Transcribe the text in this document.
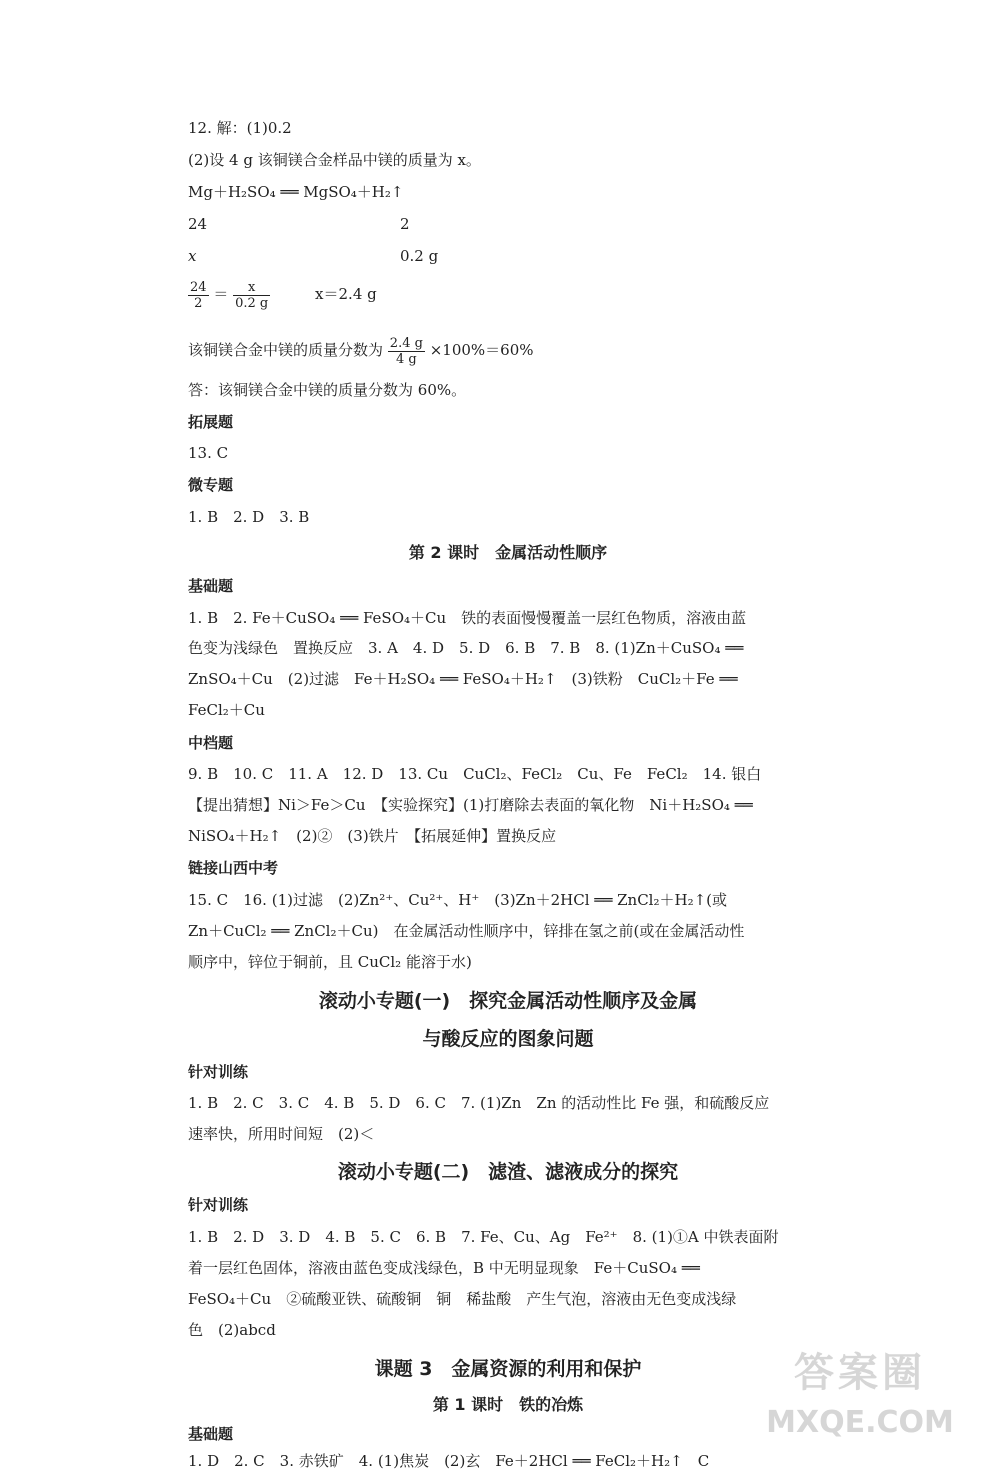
12. 解：(1)0.2
(2)设 4 g 该铜镁合金样品中镁的质量为 x。
Mg＋H₂SO₄ ══ MgSO₄＋H₂↑
24	2
x	0.2 g
$\frac{24}{2} = \frac{x}{0.2 g}$	x＝2.4 g
该铜镁合金中镁的质量分数为 $\frac{2.4 g}{4 g} \times 100\%=60\%$
答：该铜镁合金中镁的质量分数为 60%。
拓展题
13. C
微专题
1. B　2. D　3. B
第 2 课时　金属活动性顺序
基础题
1. B　2. Fe＋CuSO₄ ══ FeSO₄＋Cu　铁的表面慢慢覆盖一层红色物质，溶液由蓝
色变为浅绿色　置换反应　3. A　4. D　5. D　6. B　7. B　8. (1)Zn＋CuSO₄ ══
ZnSO₄＋Cu　(2)过滤　Fe＋H₂SO₄ ══ FeSO₄＋H₂↑　(3)铁粉　CuCl₂＋Fe ══
FeCl₂＋Cu
中档题
9. B　10. C　11. A　12. D　13. Cu　CuCl₂、FeCl₂　Cu、Fe　FeCl₂　14. 银白
【提出猜想】Ni＞Fe＞Cu　【实验探究】(1)打磨除去表面的氧化物　Ni＋H₂SO₄ ══
NiSO₄＋H₂↑　(2)②　(3)铁片　【拓展延伸】置换反应
链接山西中考
15. C　16. (1)过滤　(2)Zn²⁺、Cu²⁺、H⁺　(3)Zn＋2HCl ══ ZnCl₂＋H₂↑(或
Zn＋CuCl₂ ══ ZnCl₂＋Cu)　在金属活动性顺序中，锌排在氢之前(或在金属活动性
顺序中，锌位于铜前，且 CuCl₂ 能溶于水)
滚动小专题(一)　探究金属活动性顺序及金属
与酸反应的图象问题
针对训练
1. B　2. C　3. C　4. B　5. D　6. C　7. (1)Zn　Zn 的活动性比 Fe 强，和硫酸反应
速率快，所用时间短　(2)＜
滚动小专题(二)　滤渣、滤液成分的探究
针对训练
1. B　2. D　3. D　4. B　5. C　6. B　7. Fe、Cu、Ag　Fe²⁺　8. (1)①A 中铁表面附
着一层红色固体，溶液由蓝色变成浅绿色，B 中无明显现象　Fe＋CuSO₄ ══
FeSO₄＋Cu　②硫酸亚铁、硫酸铜　铜　稀盐酸　产生气泡，溶液由无色变成浅绿
色　(2)abcd
课题 3　金属资源的利用和保护
第 1 课时　铁的冶炼
基础题
1. D　2. C　3. 赤铁矿　4. (1)焦炭　(2)玄　Fe＋2HCl ══ FeCl₂＋H₂↑　C
答案圈
MXQE.COM
